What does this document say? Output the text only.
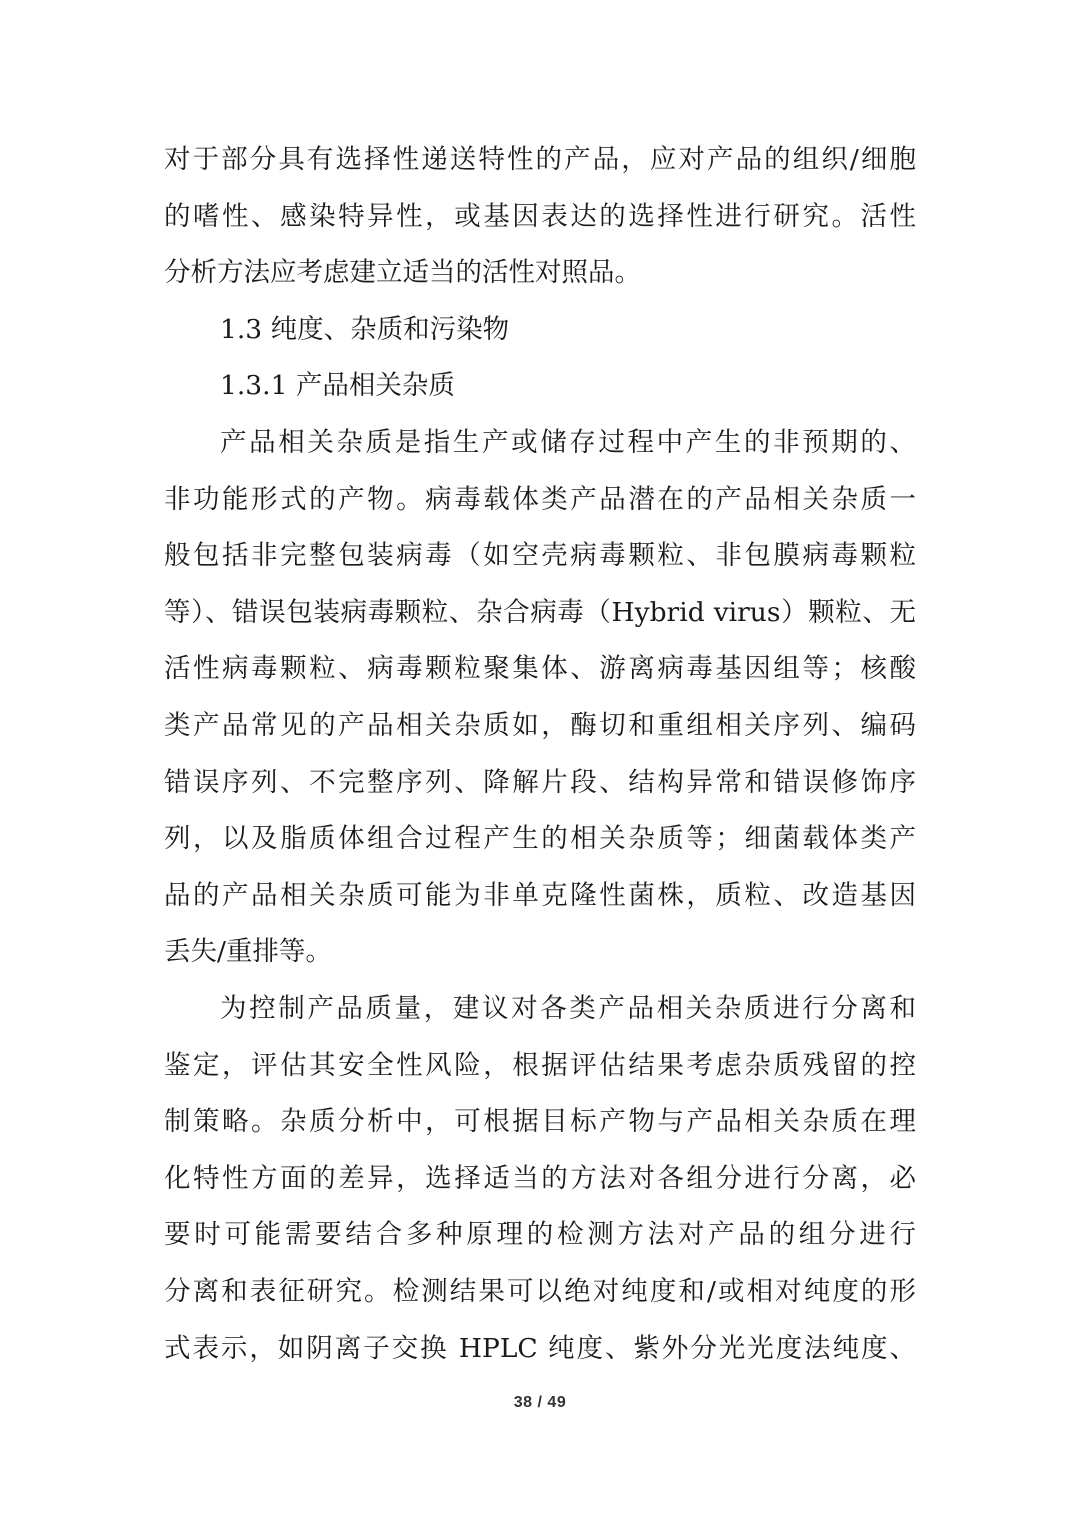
对于部分具有选择性递送特性的产品，应对产品的组织/细胞
的嗜性、感染特异性，或基因表达的选择性进行研究。活性
分析方法应考虑建立适当的活性对照品。
1.3 纯度、杂质和污染物
1.3.1 产品相关杂质
产品相关杂质是指生产或储存过程中产生的非预期的、
非功能形式的产物。病毒载体类产品潜在的产品相关杂质一
般包括非完整包装病毒（如空壳病毒颗粒、非包膜病毒颗粒
等）、错误包装病毒颗粒、杂合病毒（Hybrid virus）颗粒、无
活性病毒颗粒、病毒颗粒聚集体、游离病毒基因组等；核酸
类产品常见的产品相关杂质如，酶切和重组相关序列、编码
错误序列、不完整序列、降解片段、结构异常和错误修饰序
列，以及脂质体组合过程产生的相关杂质等；细菌载体类产
品的产品相关杂质可能为非单克隆性菌株，质粒、改造基因
丢失/重排等。
为控制产品质量，建议对各类产品相关杂质进行分离和
鉴定，评估其安全性风险，根据评估结果考虑杂质残留的控
制策略。杂质分析中，可根据目标产物与产品相关杂质在理
化特性方面的差异，选择适当的方法对各组分进行分离，必
要时可能需要结合多种原理的检测方法对产品的组分进行
分离和表征研究。检测结果可以绝对纯度和/或相对纯度的形
式表示，如阴离子交换 HPLC 纯度、紫外分光光度法纯度、
38 / 49
